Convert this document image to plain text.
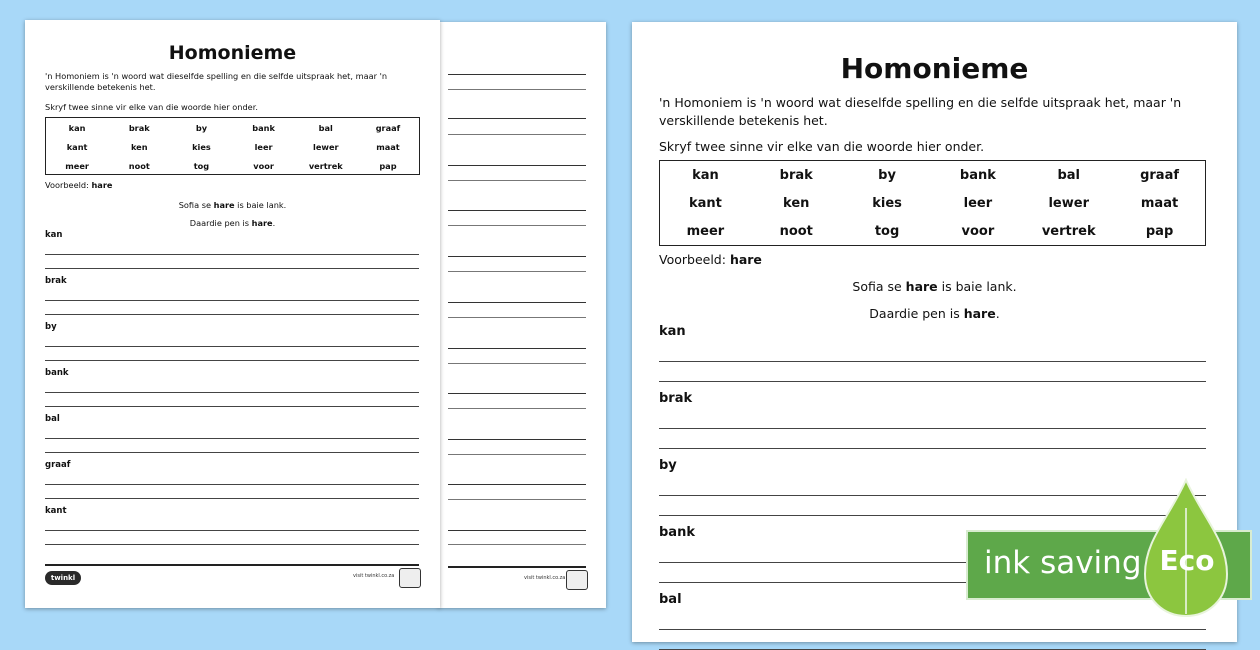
visit twinkl.co.za
Homonieme
'n Homoniem is 'n woord wat dieselfde spelling en die selfde uitspraak het, maar 'n verskillende betekenis het.
Skryf twee sinne vir elke van die woorde hier onder.
kan	brak	by	bank	bal	graaf
kant	ken	kies	leer	lewer	maat
meer	noot	tog	voor	vertrek	pap
Voorbeeld: hare
Sofia se hare is baie lank.
Daardie pen is hare.
twinkl	visit twinkl.co.za
kan
brak
by
bank
bal
graaf
kant
Homonieme
'n Homoniem is 'n woord wat dieselfde spelling en die selfde uitspraak het, maar 'n verskillende betekenis het.
Skryf twee sinne vir elke van die woorde hier onder.
kan	brak	by	bank	bal	graaf
kant	ken	kies	leer	lewer	maat
meer	noot	tog	voor	vertrek	pap
Voorbeeld: hare
Sofia se hare is baie lank.
Daardie pen is hare.
kan
brak
by
bank
bal
ink saving Eco
